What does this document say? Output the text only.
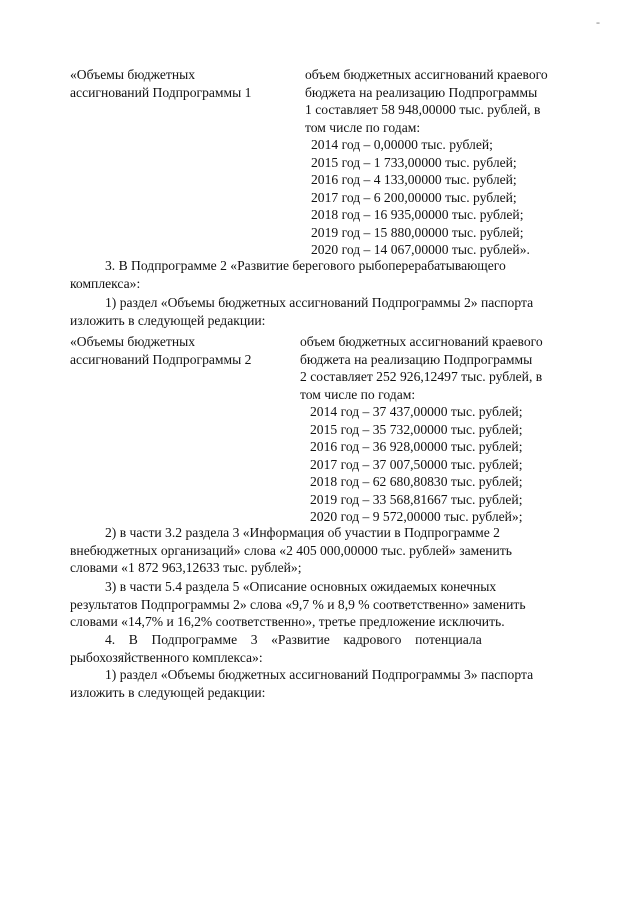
-
«Объемы бюджетных
ассигнований Подпрограммы 1
объем бюджетных ассигнований краевого
бюджета на реализацию Подпрограммы
1 составляет 58 948,00000 тыс. рублей, в
том числе по годам:
2014 год – 0,00000 тыс. рублей;
2015 год – 1 733,00000 тыс. рублей;
2016 год – 4 133,00000 тыс. рублей;
2017 год – 6 200,00000 тыс. рублей;
2018 год – 16 935,00000 тыс. рублей;
2019 год – 15 880,00000 тыс. рублей;
2020 год – 14 067,00000 тыс. рублей».
3. В Подпрограмме 2 «Развитие берегового рыбоперерабатывающего
комплекса»:
1) раздел «Объемы бюджетных ассигнований Подпрограммы 2» паспорта
изложить в следующей редакции:
«Объемы бюджетных
ассигнований Подпрограммы 2
объем бюджетных ассигнований краевого
бюджета на реализацию Подпрограммы
2 составляет 252 926,12497 тыс. рублей, в
том числе по годам:
2014 год – 37 437,00000 тыс. рублей;
2015 год – 35 732,00000 тыс. рублей;
2016 год – 36 928,00000 тыс. рублей;
2017 год – 37 007,50000 тыс. рублей;
2018 год – 62 680,80830 тыс. рублей;
2019 год – 33 568,81667 тыс. рублей;
2020 год – 9 572,00000 тыс. рублей»;
2) в части 3.2 раздела 3 «Информация об участии в Подпрограмме 2
внебюджетных организаций» слова «2 405 000,00000 тыс. рублей» заменить
словами «1 872 963,12633 тыс. рублей»;
3) в части 5.4 раздела 5 «Описание основных ожидаемых конечных
результатов Подпрограммы 2» слова «9,7 % и 8,9 % соответственно» заменить
словами «14,7% и 16,2% соответственно», третье предложение исключить.
4.    В    Подпрограмме    3    «Развитие    кадрового    потенциала
рыбохозяйственного комплекса»:
1) раздел «Объемы бюджетных ассигнований Подпрограммы 3» паспорта
изложить в следующей редакции:
